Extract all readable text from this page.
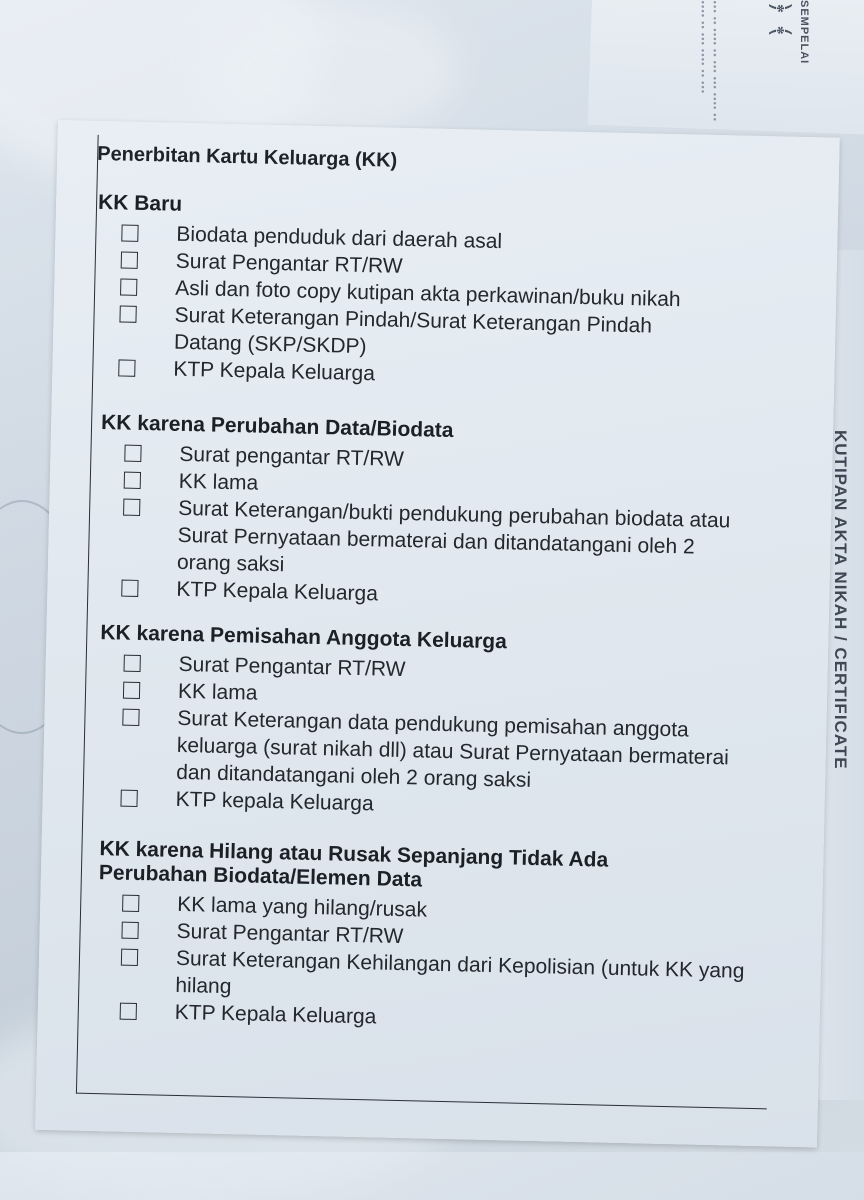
∙∙∙ ∙∙ ∙∙∙∙ ∙∙ ∙∙∙ ∙∙∙ ∙∙∙∙ ∙∙ ∙∙∙∙ ∙∙ ∙∙∙ ∙∙∙∙ ∙∙ ∙∙∙	﴿ ﴾ SEMPELAI
KUTIPAN AKTA NIKAH / CERTIFICATE
Penerbitan Kartu Keluarga (KK)
KK Baru
Biodata penduduk dari daerah asal
Surat Pengantar RT/RW
Asli dan foto copy kutipan akta perkawinan/buku nikah
Surat Keterangan Pindah/Surat Keterangan Pindah Datang (SKP/SKDP)
KTP Kepala Keluarga
KK karena Perubahan Data/Biodata
Surat pengantar RT/RW
KK lama
Surat Keterangan/bukti pendukung perubahan biodata atau Surat Pernyataan bermaterai dan ditandatangani oleh 2 orang saksi
KTP Kepala Keluarga
KK karena Pemisahan Anggota Keluarga
Surat Pengantar RT/RW
KK lama
Surat Keterangan data pendukung pemisahan anggota keluarga (surat nikah dll) atau Surat Pernyataan bermaterai dan ditandatangani oleh 2 orang saksi
KTP kepala Keluarga
KK karena Hilang atau Rusak Sepanjang Tidak Ada Perubahan Biodata/Elemen Data
KK lama yang hilang/rusak
Surat Pengantar RT/RW
Surat Keterangan Kehilangan dari Kepolisian (untuk KK yang hilang
KTP Kepala Keluarga
